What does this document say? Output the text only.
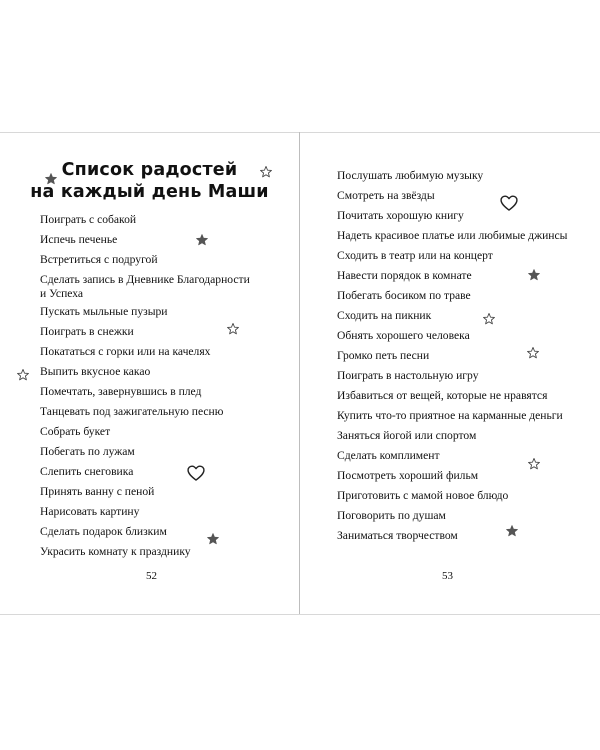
Список радостей
на каждый день Маши
Поиграть с собакой
Испечь печенье
Встретиться с подругой
Сделать запись в Дневнике Благодарности
и Успеха
Пускать мыльные пузыри
Поиграть в снежки
Покататься с горки или на качелях
Выпить вкусное какао
Помечтать, завернувшись в плед
Танцевать под зажигательную песню
Собрать букет
Побегать по лужам
Слепить снеговика
Принять ванну с пеной
Нарисовать картину
Сделать подарок близким
Украсить комнату к празднику
52
Послушать любимую музыку
Смотреть на звёзды
Почитать хорошую книгу
Надеть красивое платье или любимые джинсы
Сходить в театр или на концерт
Навести порядок в комнате
Побегать босиком по траве
Сходить на пикник
Обнять хорошего человека
Громко петь песни
Поиграть в настольную игру
Избавиться от вещей, которые не нравятся
Купить что-то приятное на карманные деньги
Заняться йогой или спортом
Сделать комплимент
Посмотреть хороший фильм
Приготовить с мамой новое блюдо
Поговорить по душам
Заниматься творчеством
53
